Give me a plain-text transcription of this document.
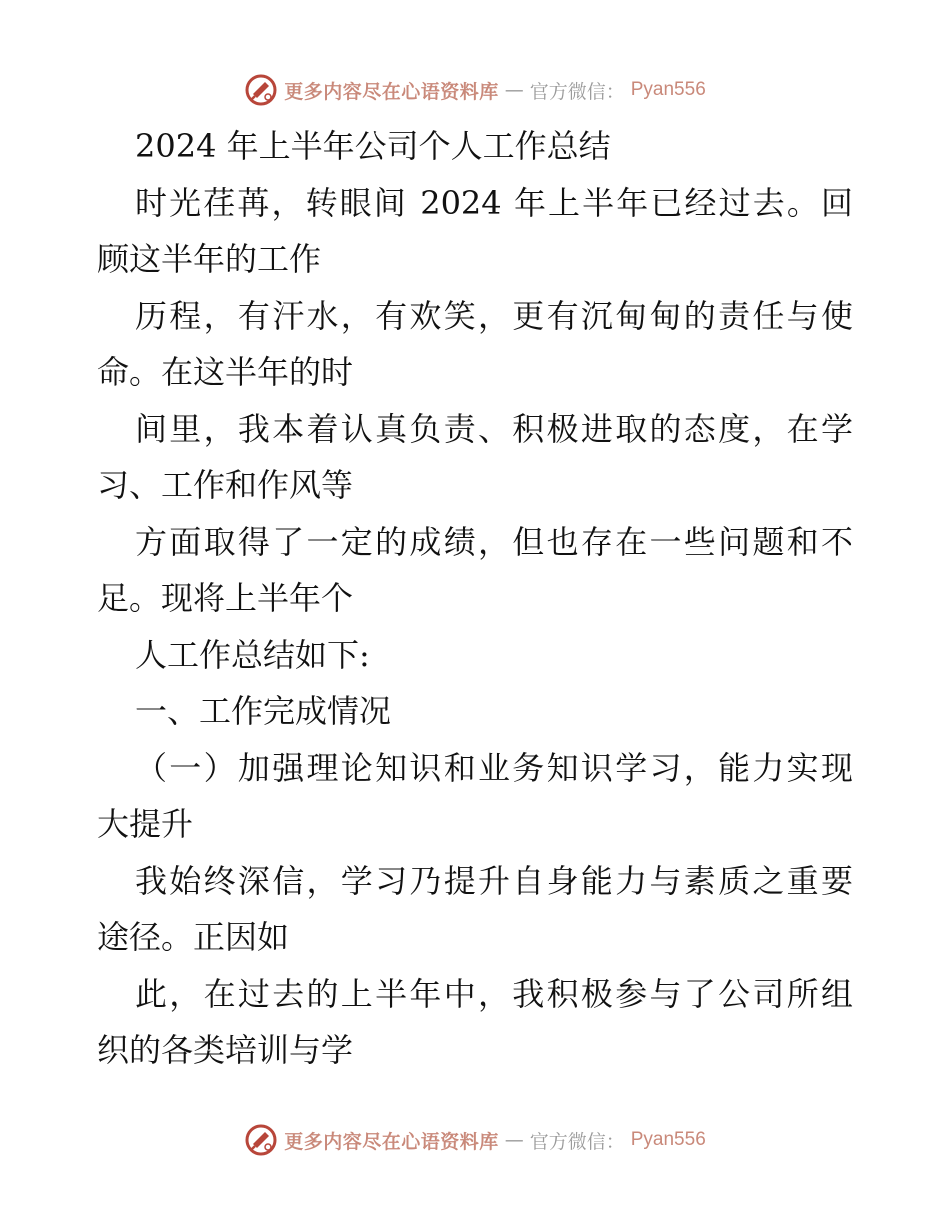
更多内容尽在心语资料库 — 官方微信： Pyan556
2024 年上半年公司个人工作总结
时光荏苒，转眼间 2024 年上半年已经过去。回
顾这半年的工作
历程，有汗水，有欢笑，更有沉甸甸的责任与使
命。在这半年的时
间里，我本着认真负责、积极进取的态度，在学
习、工作和作风等
方面取得了一定的成绩，但也存在一些问题和不
足。现将上半年个
人工作总结如下:
一、工作完成情况
（一）加强理论知识和业务知识学习，能力实现
大提升
我始终深信，学习乃提升自身能力与素质之重要
途径。正因如
此，在过去的上半年中，我积极参与了公司所组
织的各类培训与学
更多内容尽在心语资料库 — 官方微信： Pyan556
